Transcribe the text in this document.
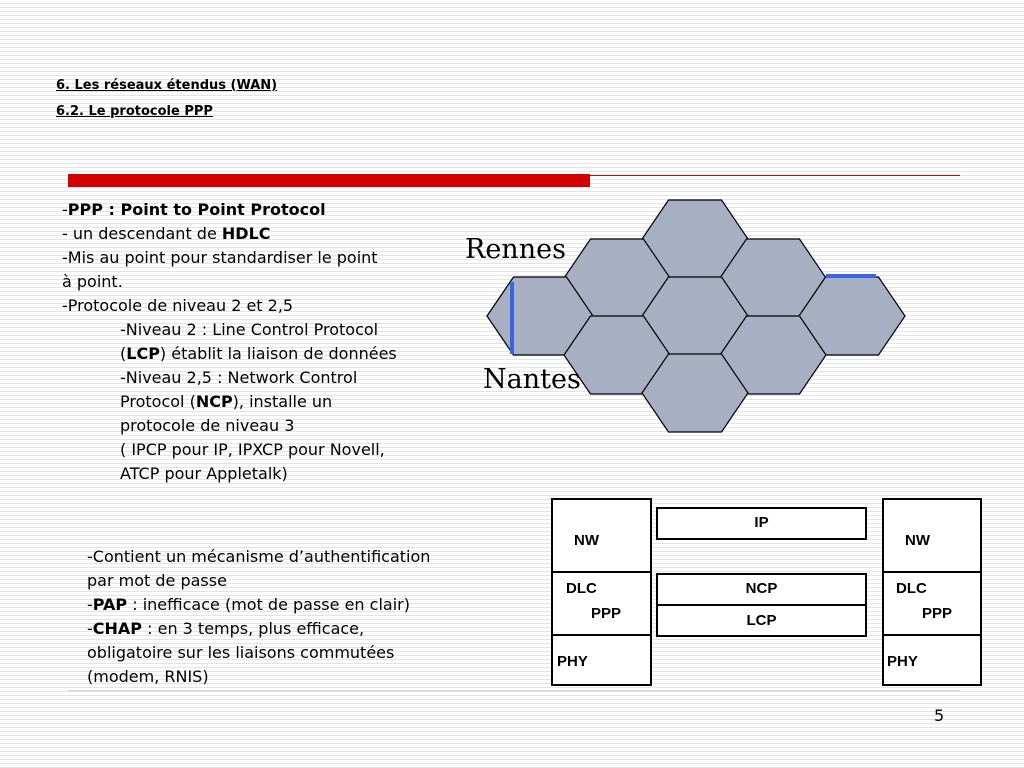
6. Les réseaux étendus (WAN)
6.2. Le protocole PPP
-PPP : Point to Point Protocol
- un descendant de HDLC
-Mis au point pour standardiser le point
à point.
-Protocole de niveau 2 et 2,5
-Niveau 2 : Line Control Protocol
(LCP) établit la liaison de données
-Niveau 2,5 : Network Control
Protocol (NCP), installe un
protocole de niveau 3
( IPCP pour IP, IPXCP pour Novell,
ATCP pour Appletalk)
Rennes
Nantes
NW
DLC
PPP
PHY
NW
DLC
PPP
PHY
IP
NCP
LCP
-Contient un mécanisme d’authentification
par mot de passe
-PAP : inefficace (mot de passe en clair)
-CHAP : en 3 temps, plus efficace,
obligatoire sur les liaisons commutées
(modem, RNIS)
5
